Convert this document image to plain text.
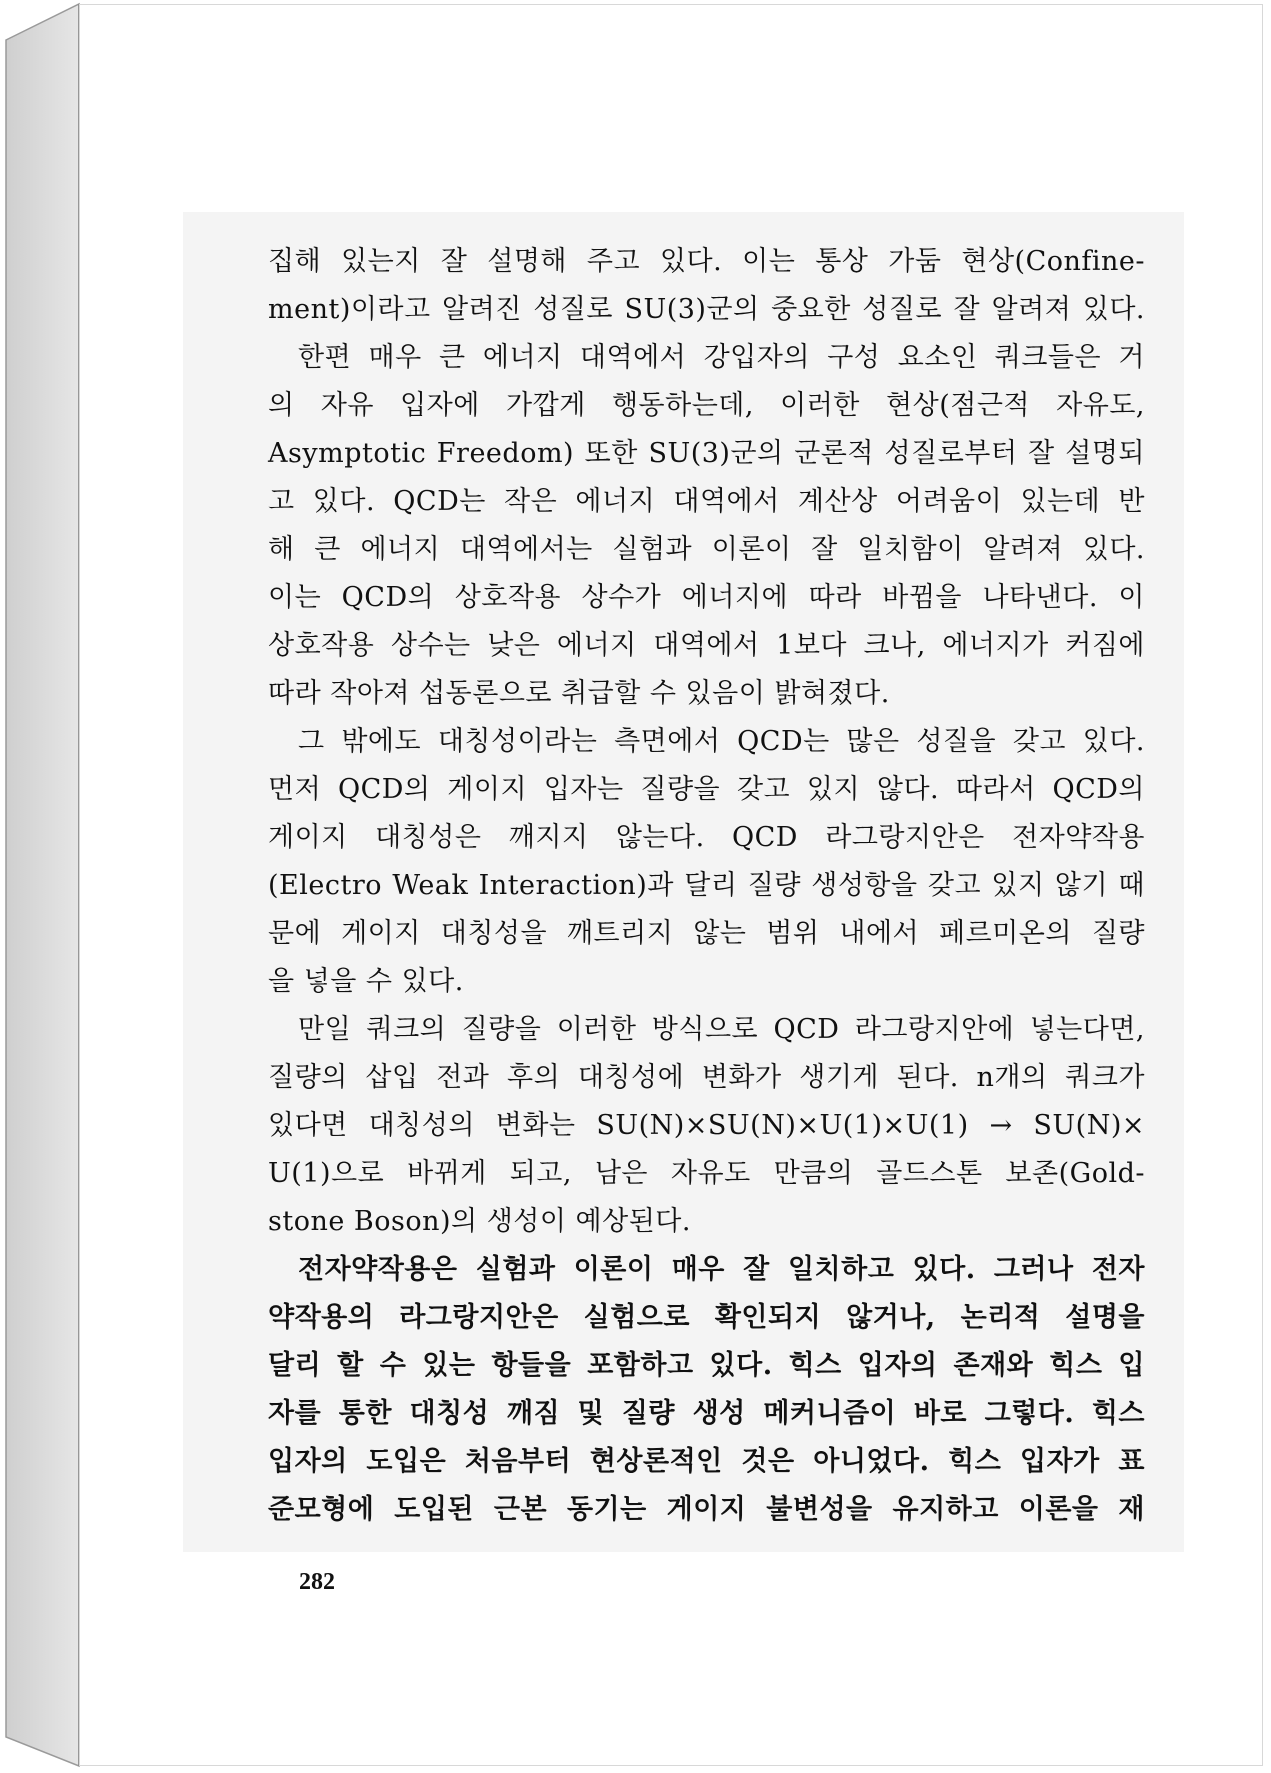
집해 있는지 잘 설명해 주고 있다. 이는 통상 가둠 현상(Confine-
ment)이라고 알려진 성질로 SU(3)군의 중요한 성질로 잘 알려져 있다.
한편 매우 큰 에너지 대역에서 강입자의 구성 요소인 쿼크들은 거
의 자유 입자에 가깝게 행동하는데, 이러한 현상(점근적 자유도,
Asymptotic Freedom) 또한 SU(3)군의 군론적 성질로부터 잘 설명되
고 있다. QCD는 작은 에너지 대역에서 계산상 어려움이 있는데 반
해 큰 에너지 대역에서는 실험과 이론이 잘 일치함이 알려져 있다.
이는 QCD의 상호작용 상수가 에너지에 따라 바뀜을 나타낸다. 이
상호작용 상수는 낮은 에너지 대역에서 1보다 크나, 에너지가 커짐에
따라 작아져 섭동론으로 취급할 수 있음이 밝혀졌다.
그 밖에도 대칭성이라는 측면에서 QCD는 많은 성질을 갖고 있다.
먼저 QCD의 게이지 입자는 질량을 갖고 있지 않다. 따라서 QCD의
게이지 대칭성은 깨지지 않는다. QCD 라그랑지안은 전자약작용
(Electro Weak Interaction)과 달리 질량 생성항을 갖고 있지 않기 때
문에 게이지 대칭성을 깨트리지 않는 범위 내에서 페르미온의 질량
을 넣을 수 있다.
만일 쿼크의 질량을 이러한 방식으로 QCD 라그랑지안에 넣는다면,
질량의 삽입 전과 후의 대칭성에 변화가 생기게 된다. n개의 쿼크가
있다면 대칭성의 변화는 SU(N)×SU(N)×U(1)×U(1) → SU(N)×
U(1)으로 바뀌게 되고, 남은 자유도 만큼의 골드스톤 보존(Gold-
stone Boson)의 생성이 예상된다.
전자약작용은 실험과 이론이 매우 잘 일치하고 있다. 그러나 전자
약작용의 라그랑지안은 실험으로 확인되지 않거나, 논리적 설명을
달리 할 수 있는 항들을 포함하고 있다. 힉스 입자의 존재와 힉스 입
자를 통한 대칭성 깨짐 및 질량 생성 메커니즘이 바로 그렇다. 힉스
입자의 도입은 처음부터 현상론적인 것은 아니었다. 힉스 입자가 표
준모형에 도입된 근본 동기는 게이지 불변성을 유지하고 이론을 재
282
